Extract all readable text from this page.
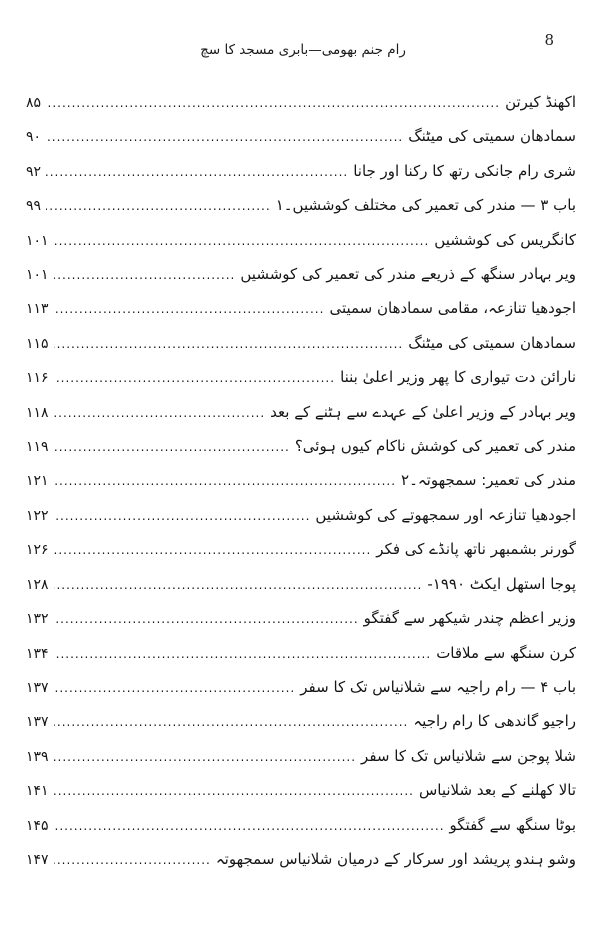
8
رام جنم بھومی—بابری مسجد کا سچ
اکھنڈ کیرتن
.....
۸۵
سمادھان سمیتی کی میٹنگ
.....
۹۰
شری رام جانکی رتھ کا رکنا اور جانا
.....
۹۲
باب ۳ — مندر کی تعمیر کی مختلف کوششیں۔۱
.....
۹۹
کانگریس کی کوششیں
.....
۱۰۱
ویر بہادر سنگھ کے ذریعے مندر کی تعمیر کی کوششیں
.....
۱۰۱
اجودھیا تنازعہ، مقامی سمادھان سمیتی
.....
۱۱۳
سمادھان سمیتی کی میٹنگ
.....
۱۱۵
نارائن دت تیواری کا پھر وزیر اعلیٰ بننا
.....
۱۱۶
ویر بہادر کے وزیر اعلیٰ کے عہدے سے ہٹنے کے بعد
.....
۱۱۸
مندر کی تعمیر کی کوشش ناکام کیوں ہوئی؟
.....
۱۱۹
مندر کی تعمیر: سمجھوتہ۔۲
.....
۱۲۱
اجودھیا تنازعہ اور سمجھوتے کی کوششیں
.....
۱۲۲
گورنر بشمبھر ناتھ پانڈے کی فکر
.....
۱۲۶
پوجا استھل ایکٹ ۱۹۹۰-
.....
۱۲۸
وزیر اعظم چندر شیکھر سے گفتگو
.....
۱۳۲
کرن سنگھ سے ملاقات
.....
۱۳۴
باب ۴ — رام راجیہ سے شلانیاس تک کا سفر
.....
۱۳۷
راجیو گاندھی کا رام راجیہ
.....
۱۳۷
شلا پوجن سے شلانیاس تک کا سفر
.....
۱۳۹
تالا کھلنے کے بعد شلانیاس
.....
۱۴۱
بوٹا سنگھ سے گفتگو
.....
۱۴۵
وشو ہندو پریشد اور سرکار کے درمیان شلانیاس سمجھوتہ
.....
۱۴۷
